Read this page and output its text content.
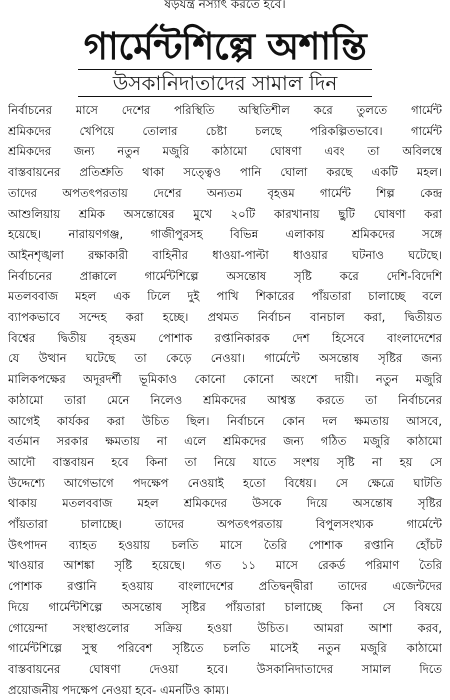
ষড়যন্ত্র নস্যাৎ করতে হবে।
গার্মেন্টশিল্পে অশান্তি
উসকানিদাতাদের সামাল দিন
নির্বাচনের মাসে দেশের পরিস্থিতি অস্থিতিশীল করে তুলতে গার্মেন্ট
শ্রমিকদের খেপিয়ে তোলার চেষ্টা চলছে পরিকল্পিতভাবে। গার্মেন্ট
শ্রমিকদের জন্য নতুন মজুরি কাঠামো ঘোষণা এবং তা অবিলম্বে
বাস্তবায়নের প্রতিশ্রুতি থাকা সত্ত্বেও পানি ঘোলা করছে একটি মহল।
তাদের অপতৎপরতায় দেশের অন্যতম বৃহত্তম গার্মেন্ট শিল্প কেন্দ্র
আশুলিয়ায় শ্রমিক অসন্তোষের মুখে ২০টি কারখানায় ছুটি ঘোষণা করা
হয়েছে। নারায়ণগঞ্জ, গাজীপুরসহ বিভিন্ন এলাকায় শ্রমিকদের সঙ্গে
আইনশৃঙ্খলা রক্ষাকারী বাহিনীর ধাওয়া-পাল্টা ধাওয়ার ঘটনাও ঘটেছে।
নির্বাচনের প্রাক্কালে গার্মেন্টশিল্পে অসন্তোষ সৃষ্টি করে দেশি-বিদেশি
মতলববাজ মহল এক ঢিলে দুই পাখি শিকারের পাঁয়তারা চালাচ্ছে বলে
ব্যাপকভাবে সন্দেহ করা হচ্ছে। প্রথমত নির্বাচন বানচাল করা, দ্বিতীয়ত
বিশ্বের দ্বিতীয় বৃহত্তম পোশাক রপ্তানিকারক দেশ হিসেবে বাংলাদেশের
যে উত্থান ঘটেছে তা কেড়ে নেওয়া। গার্মেন্টে অসন্তোষ সৃষ্টির জন্য
মালিকপক্ষের অদূরদর্শী ভূমিকাও কোনো কোনো অংশে দায়ী। নতুন মজুরি
কাঠামো তারা মেনে নিলেও শ্রমিকদের আশ্বস্ত করতে তা নির্বাচনের
আগেই কার্যকর করা উচিত ছিল। নির্বাচনে কোন দল ক্ষমতায় আসবে,
বর্তমান সরকার ক্ষমতায় না এলে শ্রমিকদের জন্য গঠিত মজুরি কাঠামো
আদৌ বাস্তবায়ন হবে কিনা তা নিয়ে যাতে সংশয় সৃষ্টি না হয় সে
উদ্দেশ্যে আগেভাগে পদক্ষেপ নেওয়াই হতো বিধেয়। সে ক্ষেত্রে ঘাটতি
থাকায় মতলববাজ মহল শ্রমিকদের উসকে দিয়ে অসন্তোষ সৃষ্টির
পাঁয়তারা চালাচ্ছে। তাদের অপতৎপরতায় বিপুলসংখ্যক গার্মেন্টে
উৎপাদন ব্যাহত হওয়ায় চলতি মাসে তৈরি পোশাক রপ্তানি হোঁচট
খাওয়ার আশঙ্কা সৃষ্টি হয়েছে। গত ১১ মাসে রেকর্ড পরিমাণ তৈরি
পোশাক রপ্তানি হওয়ায় বাংলাদেশের প্রতিদ্বন্দ্বীরা তাদের এজেন্টদের
দিয়ে গার্মেন্টশিল্পে অসন্তোষ সৃষ্টির পাঁয়তারা চালাচ্ছে কিনা সে বিষয়ে
গোয়েন্দা সংস্থাগুলোর সক্রিয় হওয়া উচিত। আমরা আশা করব,
গার্মেন্টশিল্পে সুস্থ পরিবেশ সৃষ্টিতে চলতি মাসেই নতুন মজুরি কাঠামো
বাস্তবায়নের ঘোষণা দেওয়া হবে। উসকানিদাতাদের সামাল দিতে
প্রয়োজনীয় পদক্ষেপ নেওয়া হবে- এমনটিও কাম্য।
